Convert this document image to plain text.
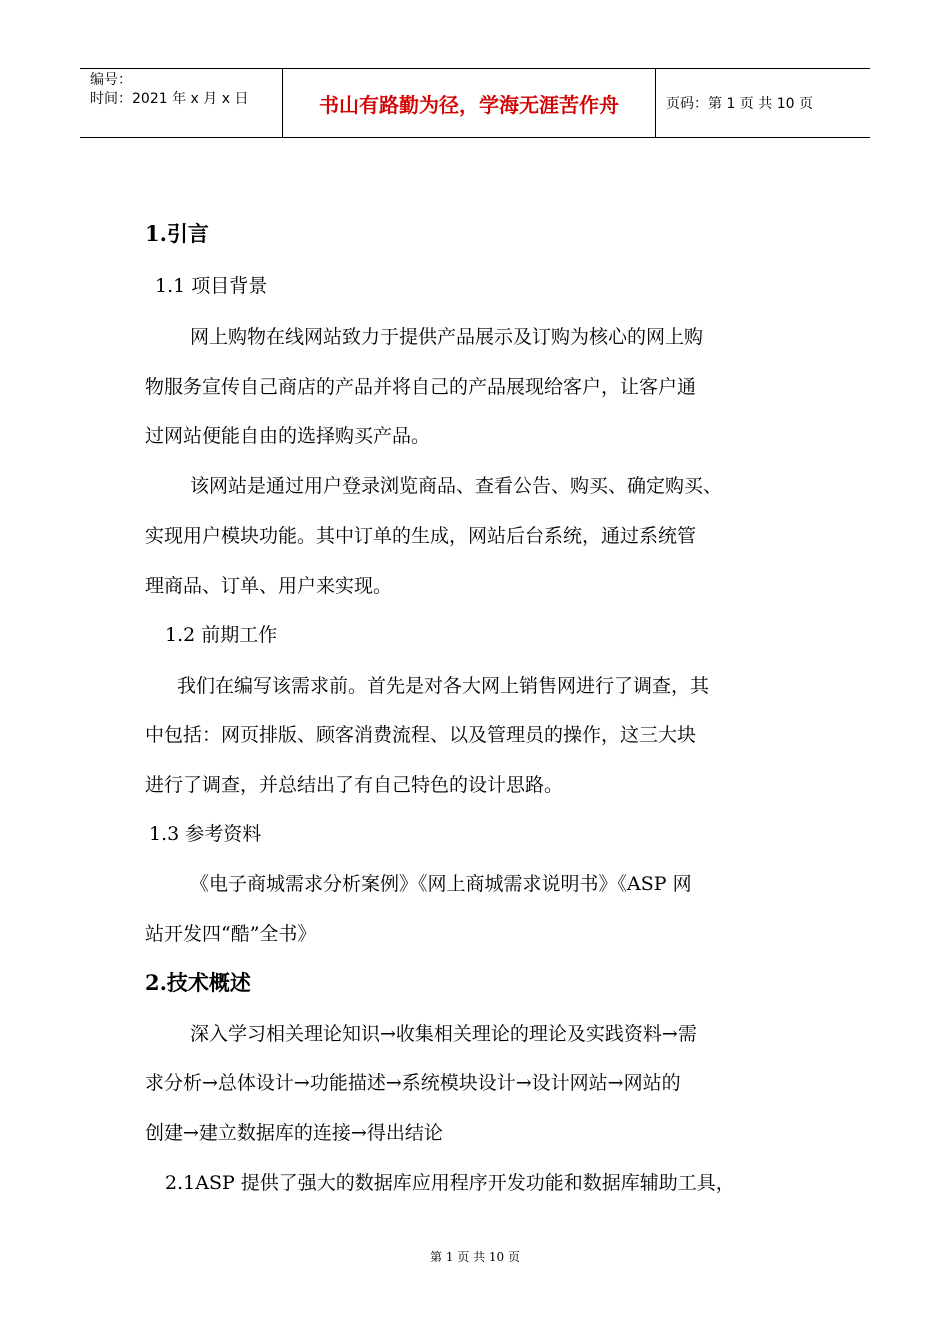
编号：
时间：2021 年 x 月 x 日	书山有路勤为径，学海无涯苦作舟	页码：第 1 页 共 10 页
1.引言
1.1 项目背景
网上购物在线网站致力于提供产品展示及订购为核心的网上购
物服务宣传自己商店的产品并将自己的产品展现给客户，让客户通
过网站便能自由的选择购买产品。
该网站是通过用户登录浏览商品、查看公告、购买、确定购买、
实现用户模块功能。其中订单的生成，网站后台系统，通过系统管
理商品、订单、用户来实现。
1.2 前期工作
我们在编写该需求前。首先是对各大网上销售网进行了调查，其
中包括：网页排版、顾客消费流程、以及管理员的操作，这三大块
进行了调查，并总结出了有自己特色的设计思路。
1.3 参考资料
《电子商城需求分析案例》《网上商城需求说明书》《ASP 网
站开发四“酷”全书》
2.技术概述
深入学习相关理论知识→收集相关理论的理论及实践资料→需
求分析→总体设计→功能描述→系统模块设计→设计网站→网站的
创建→建立数据库的连接→得出结论
2.1ASP 提供了强大的数据库应用程序开发功能和数据库辅助工具，
第 1 页 共 10 页
